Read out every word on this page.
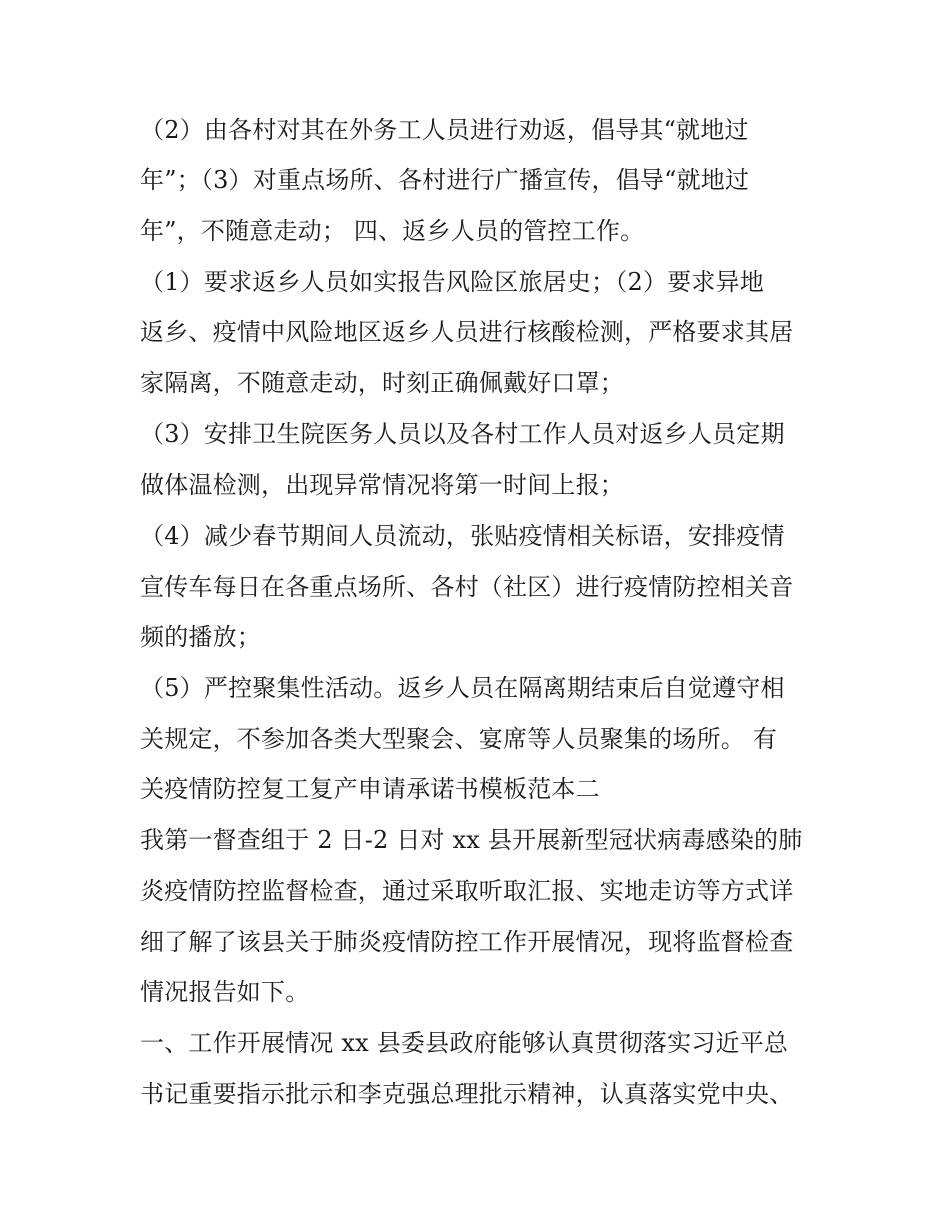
（2）由各村对其在外务工人员进行劝返，倡导其“就地过
年”；（3）对重点场所、各村进行广播宣传，倡导“就地过
年”，不随意走动； 四、返乡人员的管控工作。
（1）要求返乡人员如实报告风险区旅居史；（2）要求异地
返乡、疫情中风险地区返乡人员进行核酸检测，严格要求其居
家隔离，不随意走动，时刻正确佩戴好口罩；
（3）安排卫生院医务人员以及各村工作人员对返乡人员定期
做体温检测，出现异常情况将第一时间上报；
（4）减少春节期间人员流动，张贴疫情相关标语，安排疫情
宣传车每日在各重点场所、各村（社区）进行疫情防控相关音
频的播放；
（5）严控聚集性活动。返乡人员在隔离期结束后自觉遵守相
关规定，不参加各类大型聚会、宴席等人员聚集的场所。 有
关疫情防控复工复产申请承诺书模板范本二
我第一督查组于 2 日-2 日对 xx 县开展新型冠状病毒感染的肺
炎疫情防控监督检查，通过采取听取汇报、实地走访等方式详
细了解了该县关于肺炎疫情防控工作开展情况，现将监督检查
情况报告如下。
一、工作开展情况 xx 县委县政府能够认真贯彻落实习近平总
书记重要指示批示和李克强总理批示精神，认真落实党中央、
